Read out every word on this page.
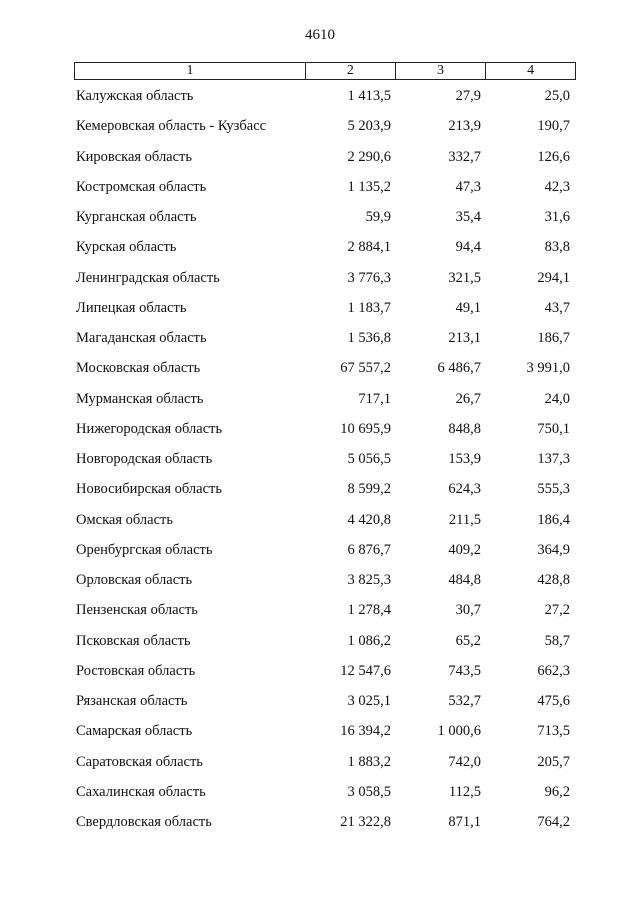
4610
1	2	3	4
Калужская область	1 413,5	27,9	25,0
Кемеровская область - Кузбасс	5 203,9	213,9	190,7
Кировская область	2 290,6	332,7	126,6
Костромская область	1 135,2	47,3	42,3
Курганская область	59,9	35,4	31,6
Курская область	2 884,1	94,4	83,8
Ленинградская область	3 776,3	321,5	294,1
Липецкая область	1 183,7	49,1	43,7
Магаданская область	1 536,8	213,1	186,7
Московская область	67 557,2	6 486,7	3 991,0
Мурманская область	717,1	26,7	24,0
Нижегородская область	10 695,9	848,8	750,1
Новгородская область	5 056,5	153,9	137,3
Новосибирская область	8 599,2	624,3	555,3
Омская область	4 420,8	211,5	186,4
Оренбургская область	6 876,7	409,2	364,9
Орловская область	3 825,3	484,8	428,8
Пензенская область	1 278,4	30,7	27,2
Псковская область	1 086,2	65,2	58,7
Ростовская область	12 547,6	743,5	662,3
Рязанская область	3 025,1	532,7	475,6
Самарская область	16 394,2	1 000,6	713,5
Саратовская область	1 883,2	742,0	205,7
Сахалинская область	3 058,5	112,5	96,2
Свердловская область	21 322,8	871,1	764,2
